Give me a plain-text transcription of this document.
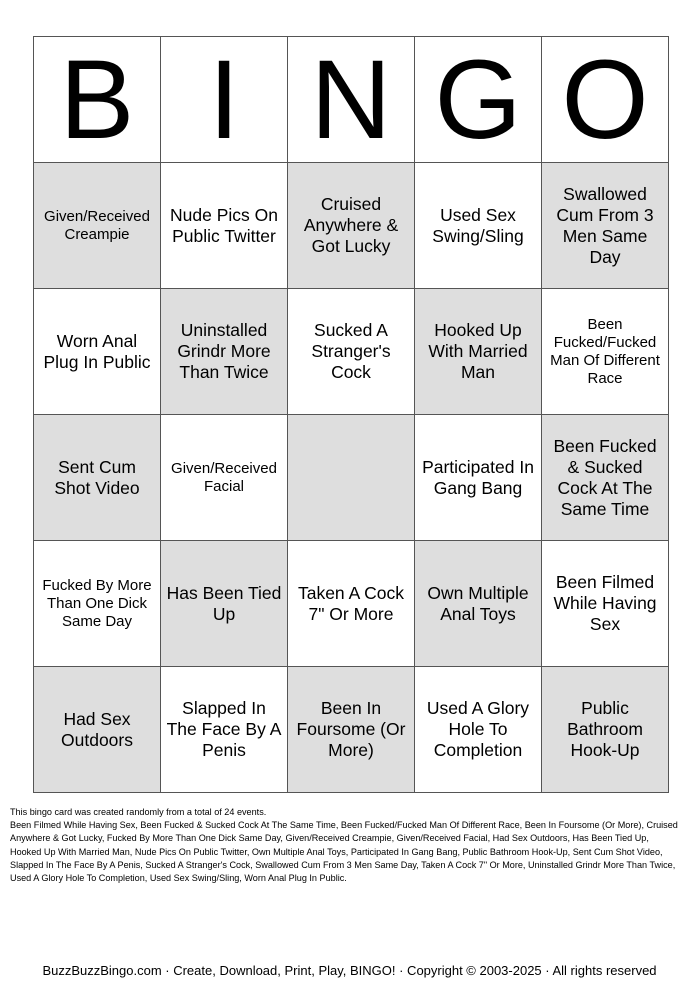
B	I	N	G	O
Given/Received Creampie	Nude Pics On Public Twitter	Cruised Anywhere & Got Lucky	Used Sex Swing/Sling	Swallowed Cum From 3 Men Same Day
Worn Anal Plug In Public	Uninstalled Grindr More Than Twice	Sucked A Stranger's Cock	Hooked Up With Married Man	Been Fucked/Fucked Man Of Different Race
Sent Cum Shot Video	Given/Received Facial		Participated In Gang Bang	Been Fucked & Sucked Cock At The Same Time
Fucked By More Than One Dick Same Day	Has Been Tied Up	Taken A Cock 7" Or More	Own Multiple Anal Toys	Been Filmed While Having Sex
Had Sex Outdoors	Slapped In The Face By A Penis	Been In Foursome (Or More)	Used A Glory Hole To Completion	Public Bathroom Hook-Up

This bingo card was created randomly from a total of 24 events.
Been Filmed While Having Sex, Been Fucked & Sucked Cock At The Same Time, Been Fucked/Fucked Man Of Different Race, Been In Foursome (Or More), Cruised Anywhere & Got Lucky, Fucked By More Than One Dick Same Day, Given/Received Creampie, Given/Received Facial, Had Sex Outdoors, Has Been Tied Up, Hooked Up With Married Man, Nude Pics On Public Twitter, Own Multiple Anal Toys, Participated In Gang Bang, Public Bathroom Hook-Up, Sent Cum Shot Video, Slapped In The Face By A Penis, Sucked A Stranger's Cock, Swallowed Cum From 3 Men Same Day, Taken A Cock 7" Or More, Uninstalled Grindr More Than Twice, Used A Glory Hole To Completion, Used Sex Swing/Sling, Worn Anal Plug In Public.

BuzzBuzzBingo.com · Create, Download, Print, Play, BINGO! · Copyright © 2003-2025 · All rights reserved
